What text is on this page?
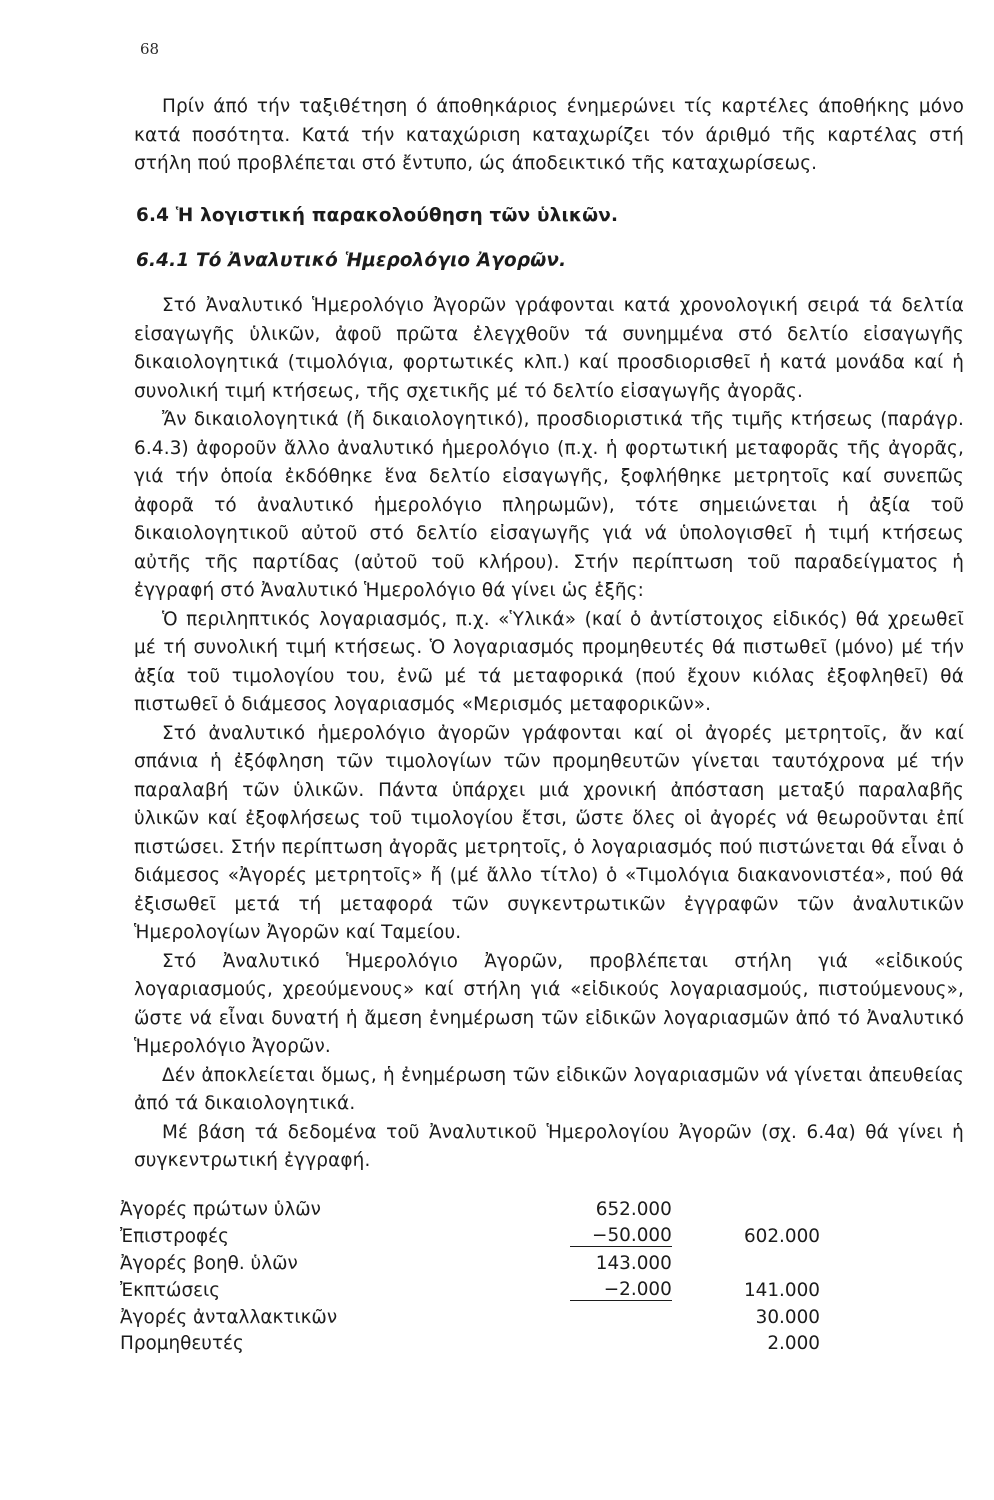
68

Πρίν άπό τήν ταξιθέτηση ό άποθηκάριος ένημερώνει τίς καρτέλες άποθήκης μόνο κατά ποσότητα. Κατά τήν καταχώριση καταχωρίζει τόν άριθμό τῆς καρτέλας στή στήλη πού προβλέπεται στό ἔντυπο, ώς άποδεικτικό τῆς καταχωρίσεως.

6.4 Ἡ λογιστική παρακολούθηση τῶν ὑλικῶν.
6.4.1 Τό Ἀναλυτικό Ἡμερολόγιο Ἀγορῶν.

Στό Ἀναλυτικό Ἡμερολόγιο Ἀγορῶν γράφονται κατά χρονολογική σειρά τά δελτία εἰσαγωγῆς ὑλικῶν, ἀφοῦ πρῶτα ἐλεγχθοῦν τά συνημμένα στό δελτίο εἰσαγωγῆς δικαιολογητικά (τιμολόγια, φορτωτικές κλπ.) καί προσδιορισθεῖ ἡ κατά μονάδα καί ἡ συνολική τιμή κτήσεως, τῆς σχετικῆς μέ τό δελτίο εἰσαγωγῆς ἀγορᾶς.

Ἄν δικαιολογητικά (ἤ δικαιολογητικό), προσδιοριστικά τῆς τιμῆς κτήσεως (παράγρ. 6.4.3) ἀφοροῦν ἄλλο ἀναλυτικό ἡμερολόγιο (π.χ. ἡ φορτωτική μεταφορᾶς τῆς ἀγορᾶς, γιά τήν ὁποία ἐκδόθηκε ἕνα δελτίο εἰσαγωγῆς, ξοφλήθηκε μετρητοῖς καί συνεπῶς ἀφορᾶ τό ἀναλυτικό ἡμερολόγιο πληρωμῶν), τότε σημειώνεται ἡ ἀξία τοῦ δικαιολογητικοῦ αὐτοῦ στό δελτίο εἰσαγωγῆς γιά νά ὑπολογισθεῖ ἡ τιμή κτήσεως αὐτῆς τῆς παρτίδας (αὐτοῦ τοῦ κλήρου). Στήν περίπτωση τοῦ παραδείγματος ἡ ἐγγραφή στό Ἀναλυτικό Ἡμερολόγιο θά γίνει ὡς ἑξῆς:

Ὁ περιληπτικός λογαριασμός, π.χ. «Ὑλικά» (καί ὁ ἀντίστοιχος εἰδικός) θά χρεωθεῖ μέ τή συνολική τιμή κτήσεως. Ὁ λογαριασμός προμηθευτές θά πιστωθεῖ (μόνο) μέ τήν ἀξία τοῦ τιμολογίου του, ἐνῶ μέ τά μεταφορικά (πού ἔχουν κιόλας ἐξοφληθεῖ) θά πιστωθεῖ ὁ διάμεσος λογαριασμός «Μερισμός μεταφορικῶν».

Στό ἀναλυτικό ἡμερολόγιο ἀγορῶν γράφονται καί οἱ ἀγορές μετρητοῖς, ἄν καί σπάνια ἡ ἐξόφληση τῶν τιμολογίων τῶν προμηθευτῶν γίνεται ταυτόχρονα μέ τήν παραλαβή τῶν ὑλικῶν. Πάντα ὑπάρχει μιά χρονική ἀπόσταση μεταξύ παραλαβῆς ὑλικῶν καί ἐξοφλήσεως τοῦ τιμολογίου ἔτσι, ὥστε ὅλες οἱ ἀγορές νά θεωροῦνται ἐπί πιστώσει. Στήν περίπτωση ἀγορᾶς μετρητοῖς, ὁ λογαριασμός πού πιστώνεται θά εἶναι ὁ διάμεσος «Ἀγορές μετρητοῖς» ἤ (μέ ἄλλο τίτλο) ὁ «Τιμολόγια διακανονιστέα», πού θά ἐξισωθεῖ μετά τή μεταφορά τῶν συγκεντρωτικῶν ἐγγραφῶν τῶν ἀναλυτικῶν Ἡμερολογίων Ἀγορῶν καί Ταμείου.

Στό Ἀναλυτικό Ἡμερολόγιο Ἀγορῶν, προβλέπεται στήλη γιά «εἰδικούς λογαριασμούς, χρεούμενους» καί στήλη γιά «εἰδικούς λογαριασμούς, πιστούμενους», ὥστε νά εἶναι δυνατή ἡ ἄμεση ἐνημέρωση τῶν εἰδικῶν λογαριασμῶν ἀπό τό Ἀναλυτικό Ἡμερολόγιο Ἀγορῶν.

Δέν ἀποκλείεται ὅμως, ἡ ἐνημέρωση τῶν εἰδικῶν λογαριασμῶν νά γίνεται ἀπευθείας ἀπό τά δικαιολογητικά.

Μέ βάση τά δεδομένα τοῦ Ἀναλυτικοῦ Ἡμερολογίου Ἀγορῶν (σχ. 6.4α) θά γίνει ἡ συγκεντρωτική ἐγγραφή.

Ἀγορές πρώτων ὑλῶν	652.000	
Ἐπιστροφές	−50.000	602.000
Ἀγορές βοηθ. ὑλῶν	143.000	
Ἐκπτώσεις	−2.000	141.000
Ἀγορές ἀνταλλακτικῶν		30.000
Προμηθευτές		2.000
